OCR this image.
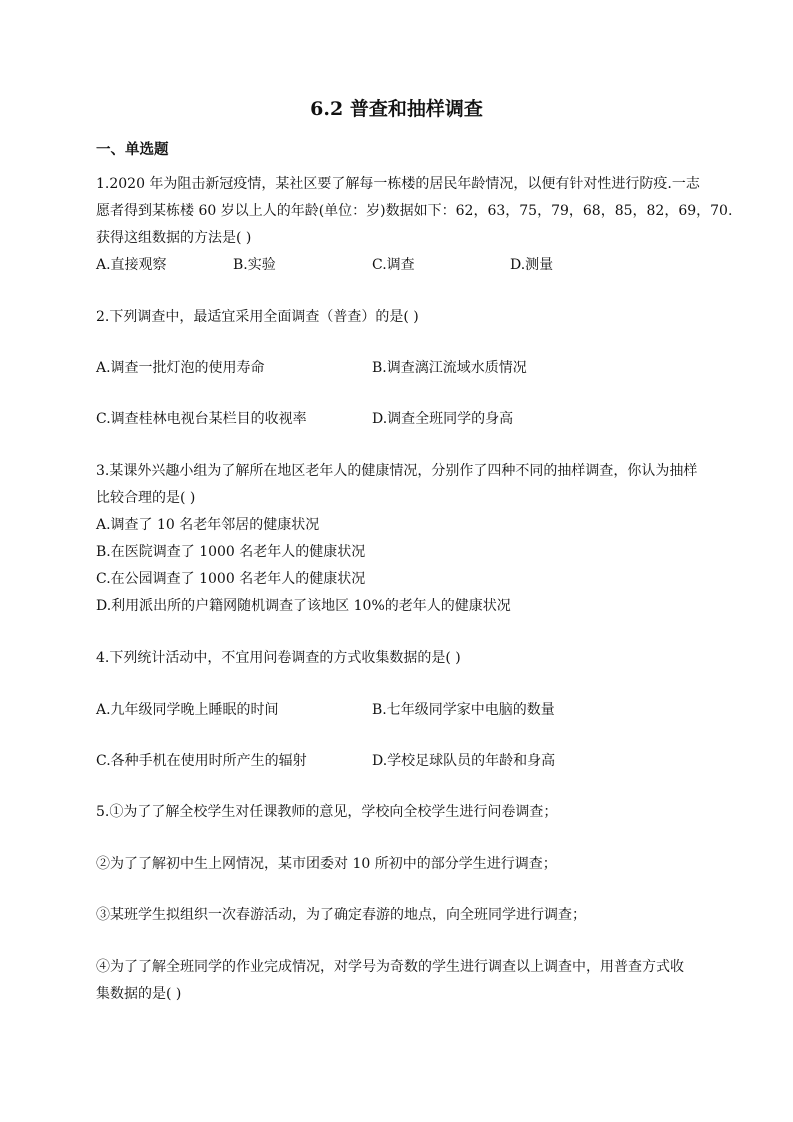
6.2 普查和抽样调查
一、单选题
1.2020 年为阻击新冠疫情，某社区要了解每一栋楼的居民年龄情况，以便有针对性进行防疫.一志
愿者得到某栋楼 60 岁以上人的年龄(单位：岁)数据如下：62，63，75，79，68，85，82，69，70.
获得这组数据的方法是( )
A.直接观察	B.实验	C.调查	D.测量
2.下列调查中，最适宜采用全面调查（普查）的是( )
A.调查一批灯泡的使用寿命	B.调查漓江流域水质情况
C.调查桂林电视台某栏目的收视率	D.调查全班同学的身高
3.某课外兴趣小组为了解所在地区老年人的健康情况，分别作了四种不同的抽样调查，你认为抽样
比较合理的是( )
A.调查了 10 名老年邻居的健康状况
B.在医院调查了 1000 名老年人的健康状况
C.在公园调查了 1000 名老年人的健康状况
D.利用派出所的户籍网随机调查了该地区 10%的老年人的健康状况
4.下列统计活动中，不宜用问卷调查的方式收集数据的是( )
A.九年级同学晚上睡眠的时间	B.七年级同学家中电脑的数量
C.各种手机在使用时所产生的辐射	D.学校足球队员的年龄和身高
5.①为了了解全校学生对任课教师的意见，学校向全校学生进行问卷调查；
②为了了解初中生上网情况，某市团委对 10 所初中的部分学生进行调查；
③某班学生拟组织一次春游活动，为了确定春游的地点，向全班同学进行调查；
④为了了解全班同学的作业完成情况，对学号为奇数的学生进行调查以上调查中，用普查方式收
集数据的是( )
